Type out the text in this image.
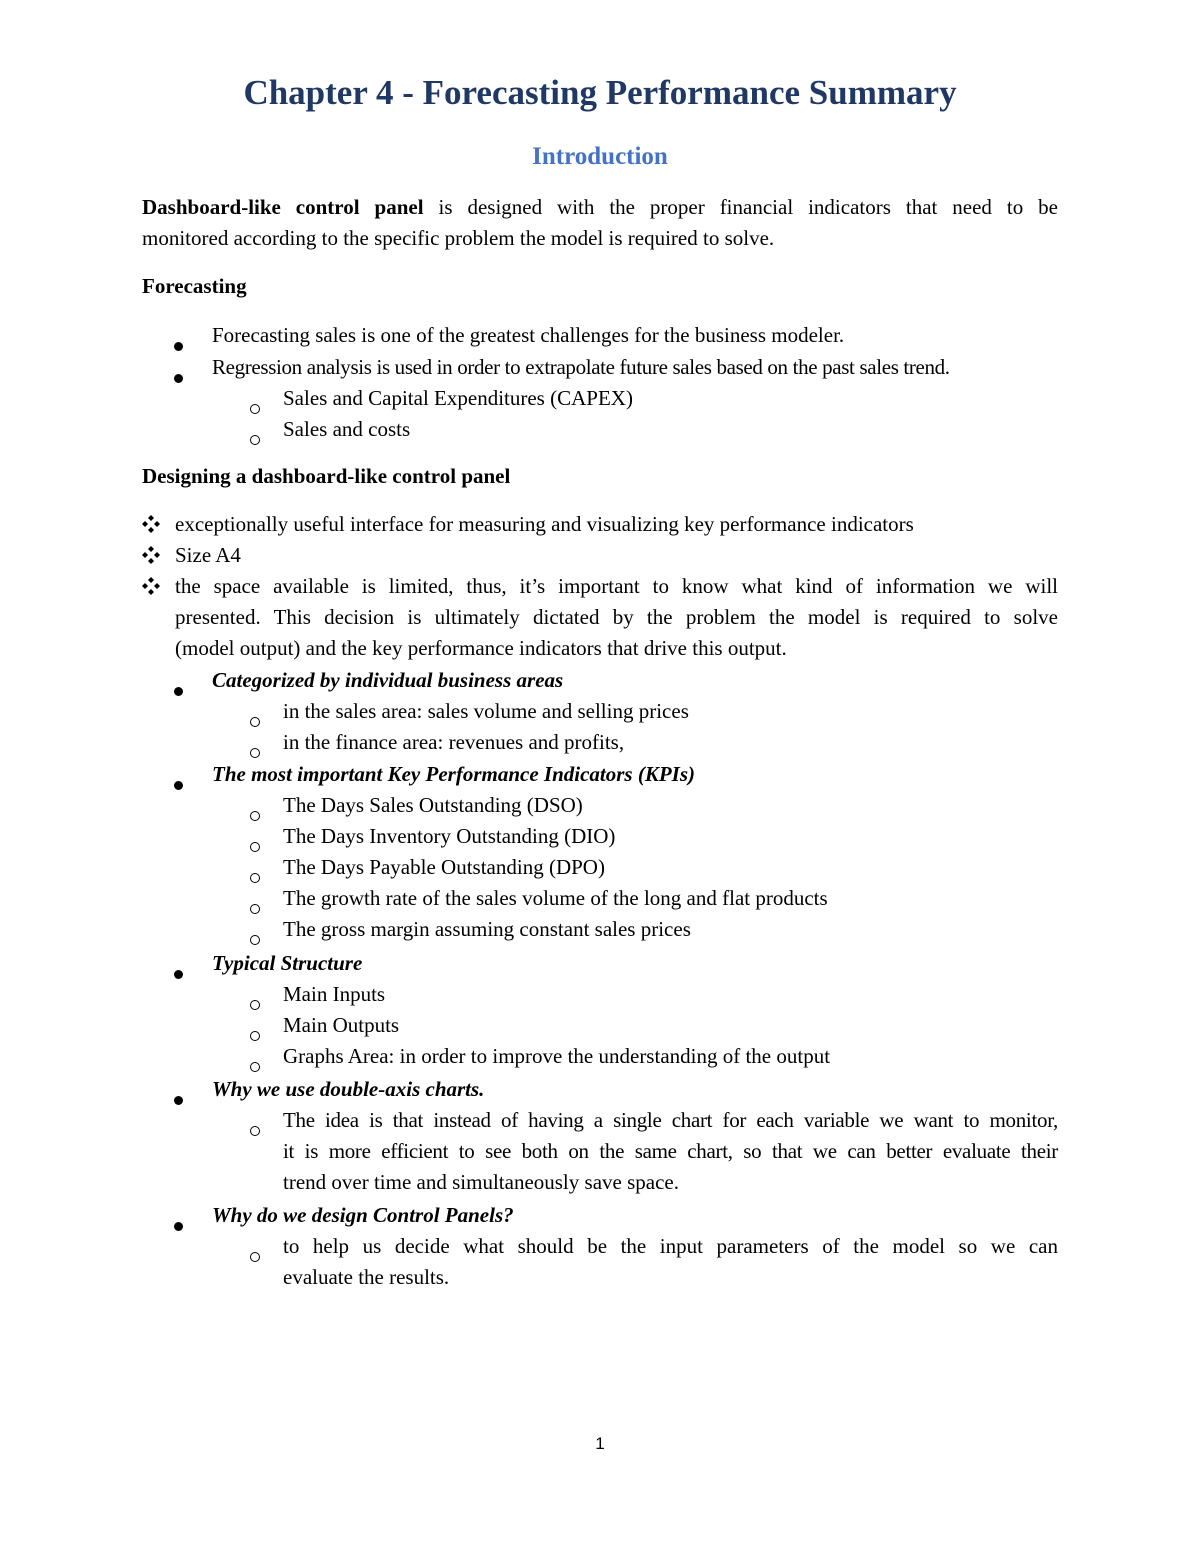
Chapter 4 - Forecasting Performance Summary
Introduction

Dashboard-like control panel is designed with the proper financial indicators that need to be

monitored according to the specific problem the model is required to solve.

Forecasting

Forecasting sales is one of the greatest challenges for the business modeler.

Regression analysis is used in order to extrapolate future sales based on the past sales trend.

Sales and Capital Expenditures (CAPEX)

Sales and costs

Designing a dashboard-like control panel

exceptionally useful interface for measuring and visualizing key performance indicators

Size A4

the space available is limited, thus, it’s important to know what kind of information we will

presented. This decision is ultimately dictated by the problem the model is required to solve

(model output) and the key performance indicators that drive this output.

Categorized by individual business areas

in the sales area: sales volume and selling prices

in the finance area: revenues and profits,

The most important Key Performance Indicators (KPIs)

The Days Sales Outstanding (DSO)

The Days Inventory Outstanding (DIO)

The Days Payable Outstanding (DPO)

The growth rate of the sales volume of the long and flat products

The gross margin assuming constant sales prices

Typical Structure

Main Inputs

Main Outputs

Graphs Area: in order to improve the understanding of the output

Why we use double-axis charts.

The idea is that instead of having a single chart for each variable we want to monitor,

it is more efficient to see both on the same chart, so that we can better evaluate their

trend over time and simultaneously save space.

Why do we design Control Panels?

to help us decide what should be the input parameters of the model so we can

evaluate the results.

1
